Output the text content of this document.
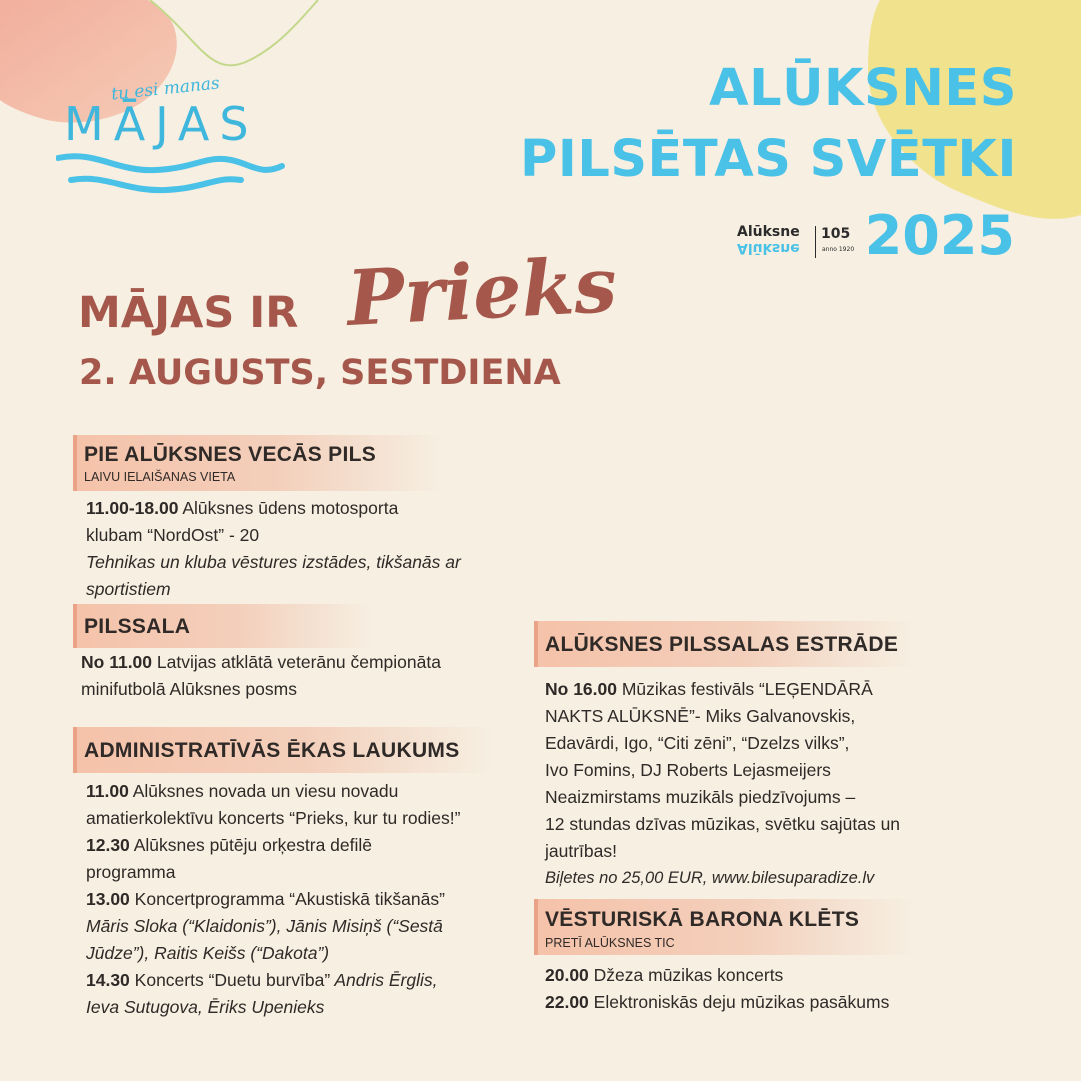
tu esi manas
MĀJAS
ALŪKSNES
PILSĒTAS SVĒTKI
Alūksne
Alūksne
105
anno 1920 2025
MĀJAS IR Prieks
2. AUGUSTS, SESTDIENA
PIE ALŪKSNES VECĀS PILS
LAIVU IELAIŠANAS VIETA
11.00-18.00 Alūksnes ūdens motosporta
klubam “NordOst” - 20
Tehnikas un kluba vēstures izstādes, tikšanās ar
sportistiem
PILSSALA
No 11.00 Latvijas atklātā veterānu čempionāta
minifutbolā Alūksnes posms
ADMINISTRATĪVĀS ĒKAS LAUKUMS
11.00 Alūksnes novada un viesu novadu
amatierkolektīvu koncerts “Prieks, kur tu rodies!”
12.30 Alūksnes pūtēju orķestra defilē
programma
13.00 Koncertprogramma “Akustiskā tikšanās”
Māris Sloka (“Klaidonis”), Jānis Misiņš (“Sestā
Jūdze”), Raitis Keišs (“Dakota”)
14.30 Koncerts “Duetu burvība” Andris Ērglis,
Ieva Sutugova, Ēriks Upenieks
ALŪKSNES PILSSALAS ESTRĀDE
No 16.00 Mūzikas festivāls “LEĢENDĀRĀ
NAKTS ALŪKSNĒ”- Miks Galvanovskis,
Edavārdi, Igo, “Citi zēni”, “Dzelzs vilks”,
Ivo Fomins, DJ Roberts Lejasmeijers
Neaizmirstams muzikāls piedzīvojums –
12 stundas dzīvas mūzikas, svētku sajūtas un
jautrības!
Biļetes no 25,00 EUR, www.bilesuparadize.lv
VĒSTURISKĀ BARONA KLĒTS
PRETĪ ALŪKSNES TIC
20.00 Džeza mūzikas koncerts
22.00 Elektroniskās deju mūzikas pasākums
